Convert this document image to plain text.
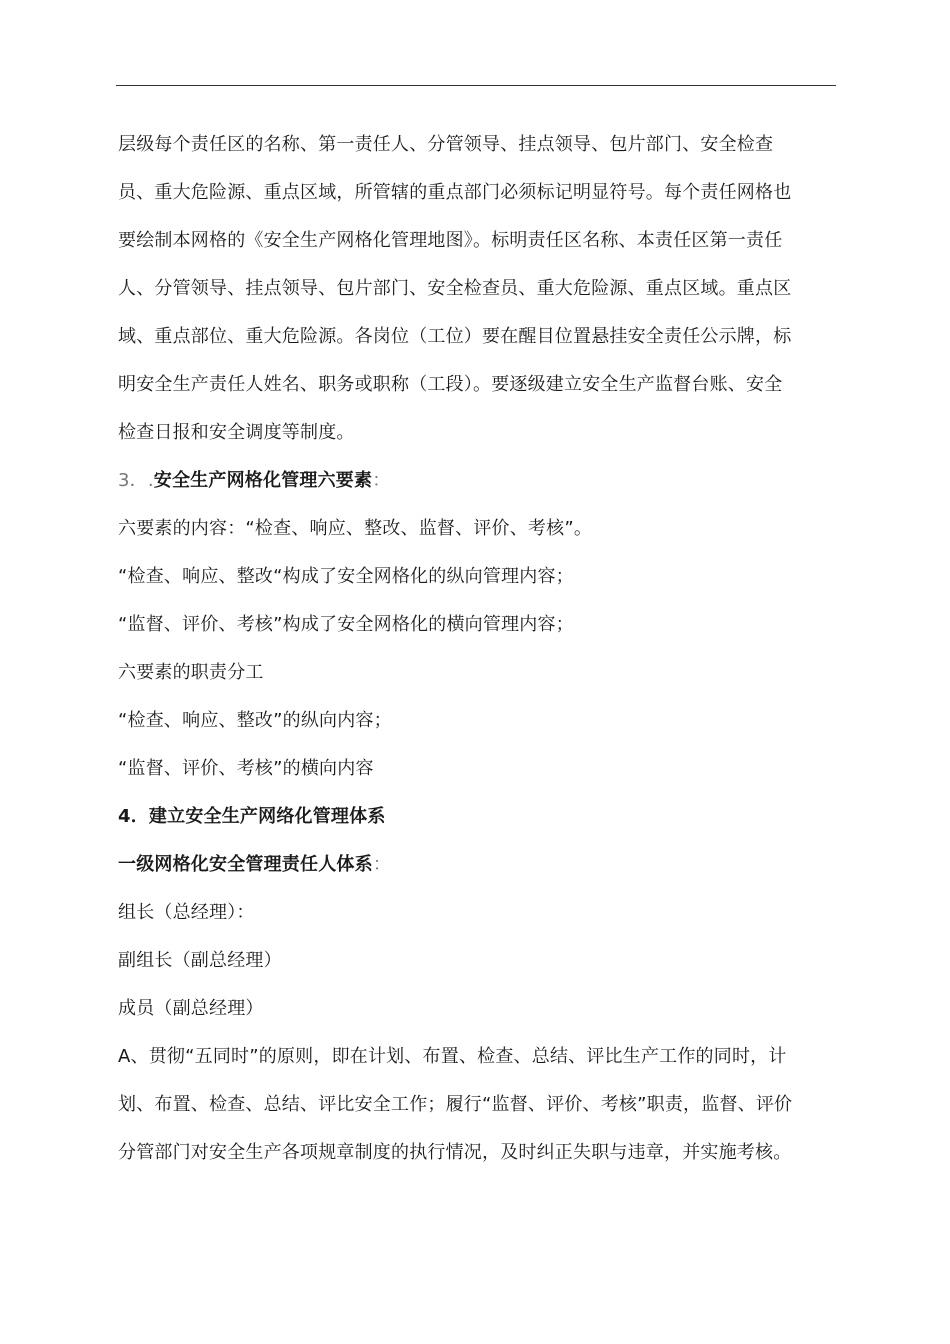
层级每个责任区的名称、第一责任人、分管领导、挂点领导、包片部门、安全检查
员、重大危险源、重点区域，所管辖的重点部门必须标记明显符号。每个责任网格也
要绘制本网格的《安全生产网格化管理地图》。标明责任区名称、本责任区第一责任
人、分管领导、挂点领导、包片部门、安全检查员、重大危险源、重点区域。重点区
域、重点部位、重大危险源。各岗位（工位）要在醒目位置悬挂安全责任公示牌，标
明安全生产责任人姓名、职务或职称（工段）。要逐级建立安全生产监督台账、安全
检查日报和安全调度等制度。
3．.安全生产网格化管理六要素：
六要素的内容：“检查、响应、整改、监督、评价、考核”。
“检查、响应、整改“构成了安全网格化的纵向管理内容；
“监督、评价、考核”构成了安全网格化的横向管理内容；
六要素的职责分工
“检查、响应、整改”的纵向内容；
“监督、评价、考核”的横向内容
4．建立安全生产网络化管理体系
一级网格化安全管理责任人体系：
组长（总经理）：
副组长（副总经理）
成员（副总经理）
A、贯彻“五同时”的原则，即在计划、布置、检查、总结、评比生产工作的同时，计
划、布置、检查、总结、评比安全工作；履行“监督、评价、考核”职责，监督、评价
分管部门对安全生产各项规章制度的执行情况，及时纠正失职与违章，并实施考核。
